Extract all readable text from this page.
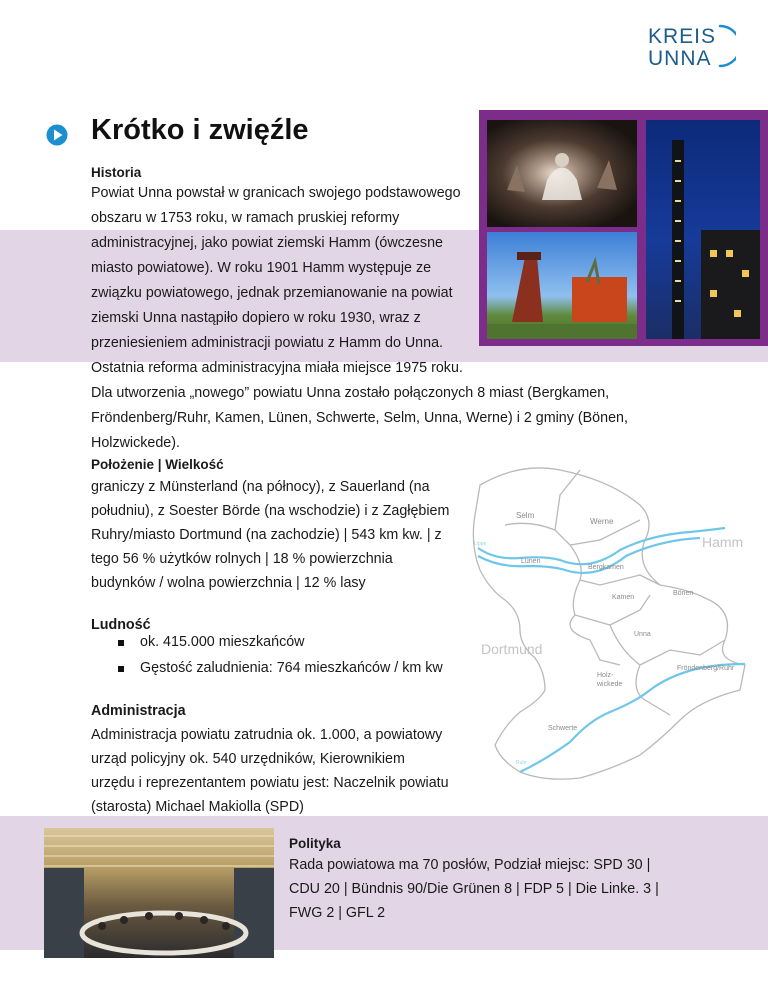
KREIS
UNNA
Krótko i zwięźle
Historia
Powiat Unna powstał w granicach swojego podstawowego
obszaru w 1753 roku, w ramach pruskiej reformy
administracyjnej, jako powiat ziemski Hamm (ówczesne
miasto powiatowe). W roku 1901 Hamm występuje ze
związku powiatowego, jednak przemianowanie na powiat
ziemski Unna nastąpiło dopiero w roku 1930, wraz z
przeniesieniem administracji powiatu z Hamm do Unna.
Ostatnia reforma administracyjna miała miejsce 1975 roku.
Dla utworzenia „nowego” powiatu Unna zostało połączonych 8 miast (Bergkamen,
Fröndenberg/Ruhr, Kamen, Lünen, Schwerte, Selm, Unna, Werne) i 2 gminy (Bönen,
Holzwickede).
Położenie | Wielkość
graniczy z Münsterland (na północy), z Sauerland (na
południu), z Soester Börde (na wschodzie) i z Zagłębiem
Ruhry/miasto Dortmund (na zachodzie) | 543 km kw. | z
tego 56 % użytków rolnych | 18 % powierzchnia
budynków / wolna powierzchnia | 12 % lasy
Ludność
ok. 415.000 mieszkańców
Gęstość zaludnienia: 764 mieszkańców / km kw
Administracja
Administracja powiatu zatrudnia ok. 1.000, a powiatowy
urząd policyjny ok. 540 urzędników, Kierownikiem
urzędu i reprezentantem powiatu jest: Naczelnik powiatu
(starosta) Michael Makiolla (SPD)
Selm
Werne
Hamm
Lünen
Bergkamen
Bönen
Kamen
Unna
Dortmund
Holz-
wickede
Fröndenberg/Ruhr
Schwerte
Lippe
Ruhr
Polityka
Rada powiatowa ma 70 posłów, Podział miejsc: SPD 30 |
CDU 20 | Bündnis 90/Die Grünen 8 | FDP 5 | Die Linke. 3 |
FWG 2 | GFL 2
